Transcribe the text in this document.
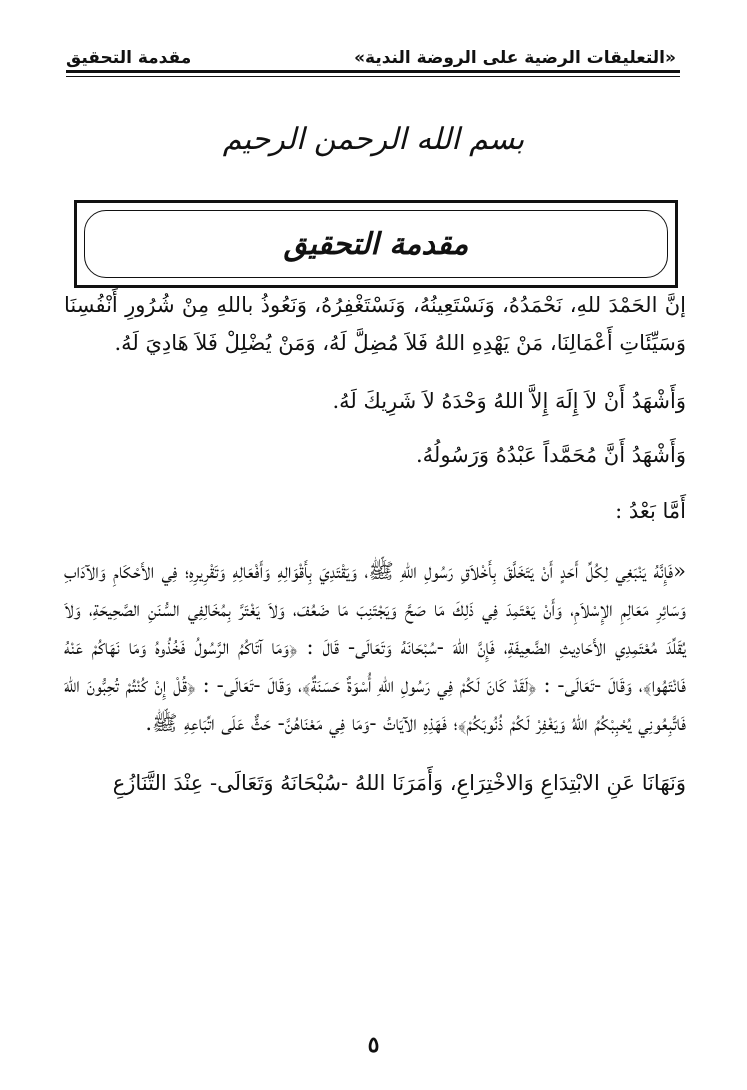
مقدمة التحقيق	«التعليقات الرضية على الروضة الندية»
بسم الله الرحمن الرحيم
مقدمة التحقيق

إنَّ الحَمْدَ للهِ، نَحْمَدُهُ، وَنَسْتَعِينُهُ، وَنَسْتَغْفِرُهُ، وَنَعُوذُ باللهِ مِنْ شُرُورِ أَنْفُسِنَا وَسَيِّئَاتِ أَعْمَالِنَا، مَنْ يَهْدِهِ اللهُ فَلاَ مُضِلَّ لَهُ، وَمَنْ يُضْلِلْ فَلاَ هَادِيَ لَهُ.

وَأَشْهَدُ أَنْ لاَ إِلَهَ إِلاَّ اللهُ وَحْدَهُ لاَ شَرِيكَ لَهُ.

وَأَشْهَدُ أَنَّ مُحَمَّداً عَبْدُهُ وَرَسُولُهُ.

أَمَّا بَعْدُ :

«فَإِنَّهُ يَنْبَغِي لِكُلِّ أَحَدٍ أَنْ يَتَخَلَّقَ بِأَخْلاَقِ رَسُولِ اللهِ ﷺ، وَيَقْتَدِيَ بِأَقْوَالِهِ وَأَفْعَالِهِ وَتَقْرِيرِهِ؛ فِي الأَحْكَامِ وَالآدَابِ وَسَائِرِ مَعَالِمِ الإِسْلاَمِ، وَأَنْ يَعْتَمِدَ فِي ذَلِكَ مَا صَحَّ وَيَجْتَنِبَ مَا ضَعُفَ، وَلاَ يَغْتَرَّ بِمُخَالِفِي السُّنَنِ الصَّحِيحَةِ، وَلاَ يُقَلِّدَ مُعْتَمِدِي الأَحَادِيثِ الضَّعِيفَةِ، فَإِنَّ اللهَ -سُبْحَانَهُ وَتَعَالَى- قَالَ : ﴿وَمَا آتَاكُمُ الرَّسُولُ فَخُذُوهُ وَمَا نَهَاكُمْ عَنْهُ فَانْتَهُوا﴾، وَقَالَ -تَعَالَى- : ﴿لَقَدْ كَانَ لَكُمْ فِي رَسُولِ اللهِ أُسْوَةٌ حَسَنَةٌ﴾، وَقَالَ -تَعَالَى- : ﴿قُلْ إِنْ كُنْتُمْ تُحِبُّونَ اللهَ فَاتَّبِعُونِي يُحْبِبْكُمُ اللهُ وَيَغْفِرْ لَكُمْ ذُنُوبَكُمْ﴾؛ فَهَذِهِ الآيَاتُ -وَمَا فِي مَعْنَاهُنَّ- حَثٌّ عَلَى اتِّبَاعِهِ ﷺ.

وَنَهَانَا عَنِ الابْتِدَاعِ وَالاخْتِرَاعِ، وَأَمَرَنَا اللهُ -سُبْحَانَهُ وَتَعَالَى- عِنْدَ التَّنَازُعِ

٥
